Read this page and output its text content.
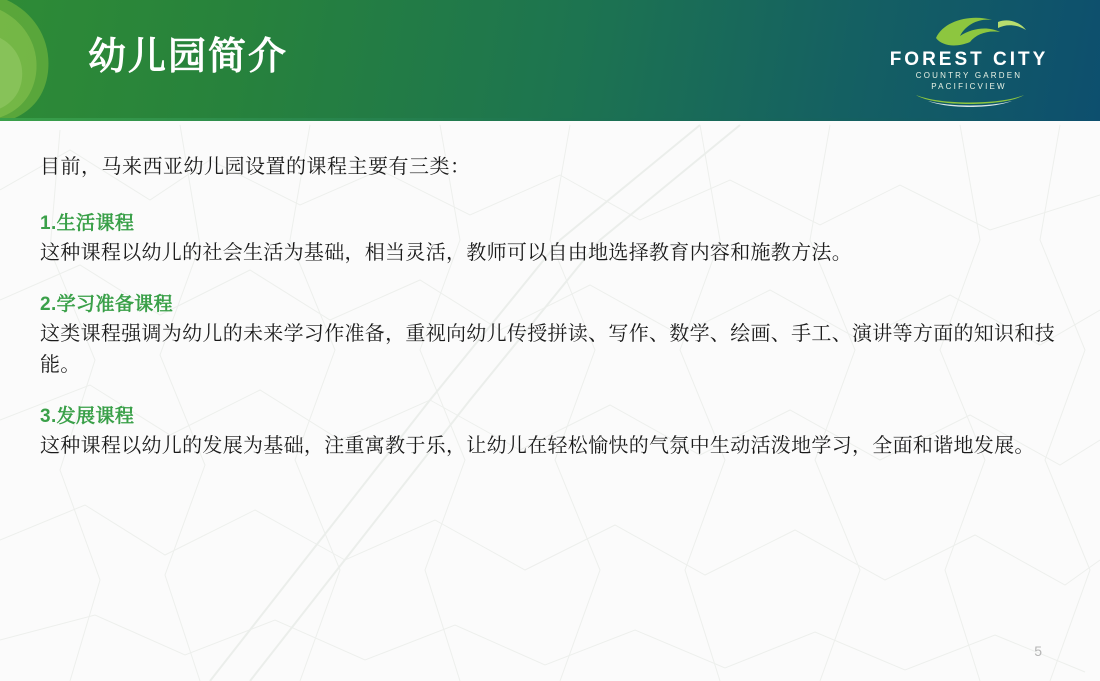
幼儿园简介	FOREST CITY
COUNTRY GARDEN
PACIFICVIEW
目前，马来西亚幼儿园设置的课程主要有三类：
1.生活课程
这种课程以幼儿的社会生活为基础，相当灵活，教师可以自由地选择教育内容和施教方法。
2.学习准备课程
这类课程强调为幼儿的未来学习作准备，重视向幼儿传授拼读、写作、数学、绘画、手工、演讲等方面的知识和技能。
3.发展课程
这种课程以幼儿的发展为基础，注重寓教于乐，让幼儿在轻松愉快的气氛中生动活泼地学习，全面和谐地发展。
5
